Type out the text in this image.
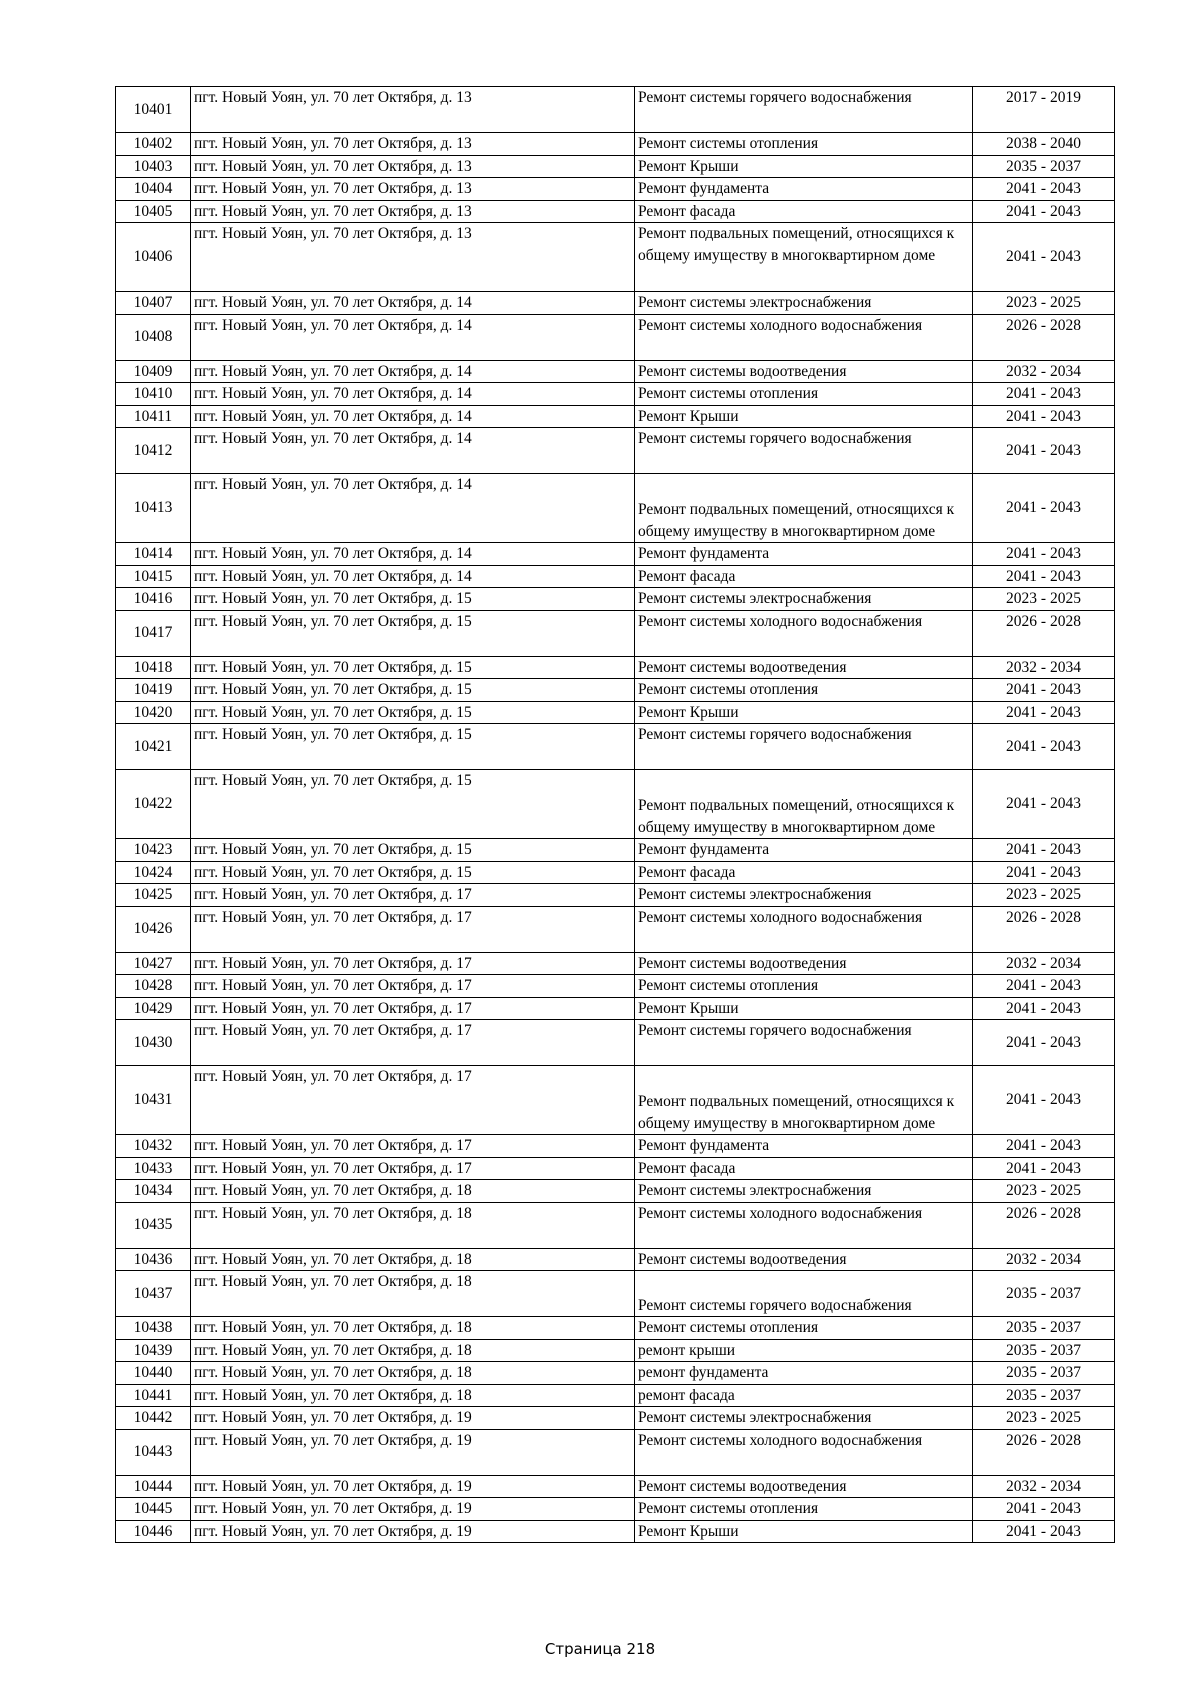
10401	пгт. Новый Уоян, ул. 70 лет Октября, д. 13	Ремонт системы горячего водоснабжения	2017 - 2019
10402	пгт. Новый Уоян, ул. 70 лет Октября, д. 13	Ремонт системы отопления	2038 - 2040
10403	пгт. Новый Уоян, ул. 70 лет Октября, д. 13	Ремонт Крыши	2035 - 2037
10404	пгт. Новый Уоян, ул. 70 лет Октября, д. 13	Ремонт фундамента	2041 - 2043
10405	пгт. Новый Уоян, ул. 70 лет Октября, д. 13	Ремонт фасада	2041 - 2043
10406	пгт. Новый Уоян, ул. 70 лет Октября, д. 13	Ремонт подвальных помещений, относящихся к общему имуществу в многоквартирном доме	2041 - 2043
10407	пгт. Новый Уоян, ул. 70 лет Октября, д. 14	Ремонт системы электроснабжения	2023 - 2025
10408	пгт. Новый Уоян, ул. 70 лет Октября, д. 14	Ремонт системы холодного водоснабжения	2026 - 2028
10409	пгт. Новый Уоян, ул. 70 лет Октября, д. 14	Ремонт системы водоотведения	2032 - 2034
10410	пгт. Новый Уоян, ул. 70 лет Октября, д. 14	Ремонт системы отопления	2041 - 2043
10411	пгт. Новый Уоян, ул. 70 лет Октября, д. 14	Ремонт Крыши	2041 - 2043
10412	пгт. Новый Уоян, ул. 70 лет Октября, д. 14	Ремонт системы горячего водоснабжения	2041 - 2043
10413	пгт. Новый Уоян, ул. 70 лет Октября, д. 14	Ремонт подвальных помещений, относящихся к общему имуществу в многоквартирном доме	2041 - 2043
10414	пгт. Новый Уоян, ул. 70 лет Октября, д. 14	Ремонт фундамента	2041 - 2043
10415	пгт. Новый Уоян, ул. 70 лет Октября, д. 14	Ремонт фасада	2041 - 2043
10416	пгт. Новый Уоян, ул. 70 лет Октября, д. 15	Ремонт системы электроснабжения	2023 - 2025
10417	пгт. Новый Уоян, ул. 70 лет Октября, д. 15	Ремонт системы холодного водоснабжения	2026 - 2028
10418	пгт. Новый Уоян, ул. 70 лет Октября, д. 15	Ремонт системы водоотведения	2032 - 2034
10419	пгт. Новый Уоян, ул. 70 лет Октября, д. 15	Ремонт системы отопления	2041 - 2043
10420	пгт. Новый Уоян, ул. 70 лет Октября, д. 15	Ремонт Крыши	2041 - 2043
10421	пгт. Новый Уоян, ул. 70 лет Октября, д. 15	Ремонт системы горячего водоснабжения	2041 - 2043
10422	пгт. Новый Уоян, ул. 70 лет Октября, д. 15	Ремонт подвальных помещений, относящихся к общему имуществу в многоквартирном доме	2041 - 2043
10423	пгт. Новый Уоян, ул. 70 лет Октября, д. 15	Ремонт фундамента	2041 - 2043
10424	пгт. Новый Уоян, ул. 70 лет Октября, д. 15	Ремонт фасада	2041 - 2043
10425	пгт. Новый Уоян, ул. 70 лет Октября, д. 17	Ремонт системы электроснабжения	2023 - 2025
10426	пгт. Новый Уоян, ул. 70 лет Октября, д. 17	Ремонт системы холодного водоснабжения	2026 - 2028
10427	пгт. Новый Уоян, ул. 70 лет Октября, д. 17	Ремонт системы водоотведения	2032 - 2034
10428	пгт. Новый Уоян, ул. 70 лет Октября, д. 17	Ремонт системы отопления	2041 - 2043
10429	пгт. Новый Уоян, ул. 70 лет Октября, д. 17	Ремонт Крыши	2041 - 2043
10430	пгт. Новый Уоян, ул. 70 лет Октября, д. 17	Ремонт системы горячего водоснабжения	2041 - 2043
10431	пгт. Новый Уоян, ул. 70 лет Октября, д. 17	Ремонт подвальных помещений, относящихся к общему имуществу в многоквартирном доме	2041 - 2043
10432	пгт. Новый Уоян, ул. 70 лет Октября, д. 17	Ремонт фундамента	2041 - 2043
10433	пгт. Новый Уоян, ул. 70 лет Октября, д. 17	Ремонт фасада	2041 - 2043
10434	пгт. Новый Уоян, ул. 70 лет Октября, д. 18	Ремонт системы электроснабжения	2023 - 2025
10435	пгт. Новый Уоян, ул. 70 лет Октября, д. 18	Ремонт системы холодного водоснабжения	2026 - 2028
10436	пгт. Новый Уоян, ул. 70 лет Октября, д. 18	Ремонт системы водоотведения	2032 - 2034
10437	пгт. Новый Уоян, ул. 70 лет Октября, д. 18	Ремонт системы горячего водоснабжения	2035 - 2037
10438	пгт. Новый Уоян, ул. 70 лет Октября, д. 18	Ремонт системы отопления	2035 - 2037
10439	пгт. Новый Уоян, ул. 70 лет Октября, д. 18	ремонт крыши	2035 - 2037
10440	пгт. Новый Уоян, ул. 70 лет Октября, д. 18	ремонт фундамента	2035 - 2037
10441	пгт. Новый Уоян, ул. 70 лет Октября, д. 18	ремонт фасада	2035 - 2037
10442	пгт. Новый Уоян, ул. 70 лет Октября, д. 19	Ремонт системы электроснабжения	2023 - 2025
10443	пгт. Новый Уоян, ул. 70 лет Октября, д. 19	Ремонт системы холодного водоснабжения	2026 - 2028
10444	пгт. Новый Уоян, ул. 70 лет Октября, д. 19	Ремонт системы водоотведения	2032 - 2034
10445	пгт. Новый Уоян, ул. 70 лет Октября, д. 19	Ремонт системы отопления	2041 - 2043
10446	пгт. Новый Уоян, ул. 70 лет Октября, д. 19	Ремонт Крыши	2041 - 2043
Страница 218
